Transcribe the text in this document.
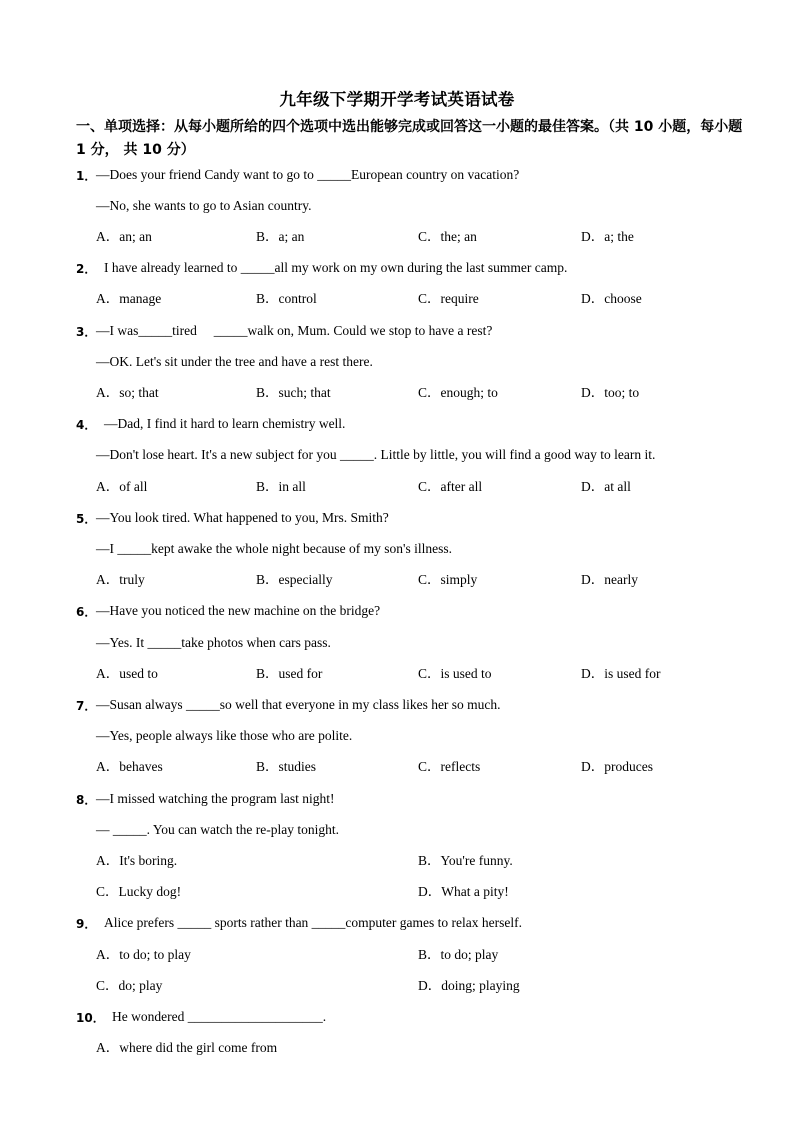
九年级下学期开学考试英语试卷
一、单项选择：从每小题所给的四个选项中选出能够完成或回答这一小题的最佳答案。（共 10 小题，每小题 1 分， 共 10 分）
1． —Does your friend Candy want to go to _____European country on vacation?
—No, she wants to go to Asian country.
A．an; an	B．a; an	C．the; an	D．a; the
2． I have already learned to _____all my work on my own during the last summer camp.
A．manage	B．control	C．require	D．choose
3． —I was_____tired     _____walk on, Mum. Could we stop to have a rest?
—OK. Let's sit under the tree and have a rest there.
A．so; that	B．such; that	C．enough; to	D．too; to
4． —Dad, I find it hard to learn chemistry well.
—Don't lose heart. It's a new subject for you _____. Little by little, you will find a good way to learn it.
A．of all	B．in all	C．after all	D．at all
5． —You look tired. What happened to you, Mrs. Smith?
—I _____kept awake the whole night because of my son's illness.
A．truly	B．especially	C．simply	D．nearly
6． —Have you noticed the new machine on the bridge?
—Yes. It _____take photos when cars pass.
A．used to	B．used for	C．is used to	D．is used for
7． —Susan always _____so well that everyone in my class likes her so much.
—Yes, people always like those who are polite.
A．behaves	B．studies	C．reflects	D．produces
8． —I missed watching the program last night!
— _____. You can watch the re-play tonight.
A．It's boring.	B．You're funny.
C．Lucky dog!	D．What a pity!
9． Alice prefers _____ sports rather than _____computer games to relax herself.
A．to do; to play	B．to do; play
C．do; play	D．doing; playing
10． He wondered ____________________.
A．where did the girl come from
